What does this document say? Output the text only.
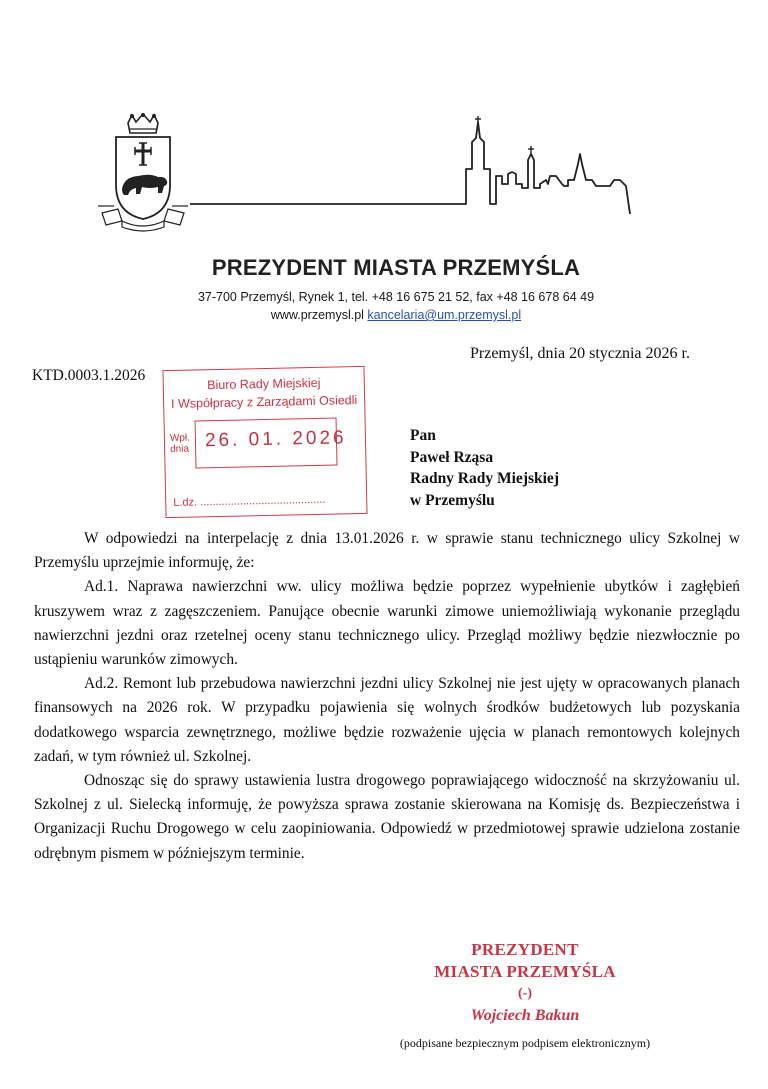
PREZYDENT MIASTA PRZEMYŚLA
37-700 Przemyśl, Rynek 1, tel. +48 16 675 21 52, fax +48 16 678 64 49
www.przemysl.pl kancelaria@um.przemysl.pl
Przemyśl, dnia 20 stycznia 2026 r.
KTD.0003.1.2026
Biuro Rady Miejskiej
I Współpracy z Zarządami Osiedli
Wpł.
dnia 26. 01. 2026
L.dz. .........................................
Pan
Paweł Rząsa
Radny Rady Miejskiej
w Przemyślu

W odpowiedzi na interpelację z dnia 13.01.2026 r. w sprawie stanu technicznego ulicy Szkolnej w Przemyślu uprzejmie informuję, że:

Ad.1. Naprawa nawierzchni ww. ulicy możliwa będzie poprzez wypełnienie ubytków i zagłębień kruszywem wraz z zagęszczeniem. Panujące obecnie warunki zimowe uniemożliwiają wykonanie przeglądu nawierzchni jezdni oraz rzetelnej oceny stanu technicznego ulicy. Przegląd możliwy będzie niezwłocznie po ustąpieniu warunków zimowych.

Ad.2. Remont lub przebudowa nawierzchni jezdni ulicy Szkolnej nie jest ujęty w opracowanych planach finansowych na 2026 rok. W przypadku pojawienia się wolnych środków budżetowych lub pozyskania dodatkowego wsparcia zewnętrznego, możliwe będzie rozważenie ujęcia w planach remontowych kolejnych zadań, w tym również ul. Szkolnej.

Odnosząc się do sprawy ustawienia lustra drogowego poprawiającego widoczność na skrzyżowaniu ul. Szkolnej z ul. Sielecką informuję, że powyższa sprawa zostanie skierowana na Komisję ds. Bezpieczeństwa i Organizacji Ruchu Drogowego w celu zaopiniowania. Odpowiedź w przedmiotowej sprawie udzielona zostanie odrębnym pismem w późniejszym terminie.

PREZYDENT
MIASTA PRZEMYŚLA
(-)
Wojciech Bakun
(podpisane bezpiecznym podpisem elektronicznym)
